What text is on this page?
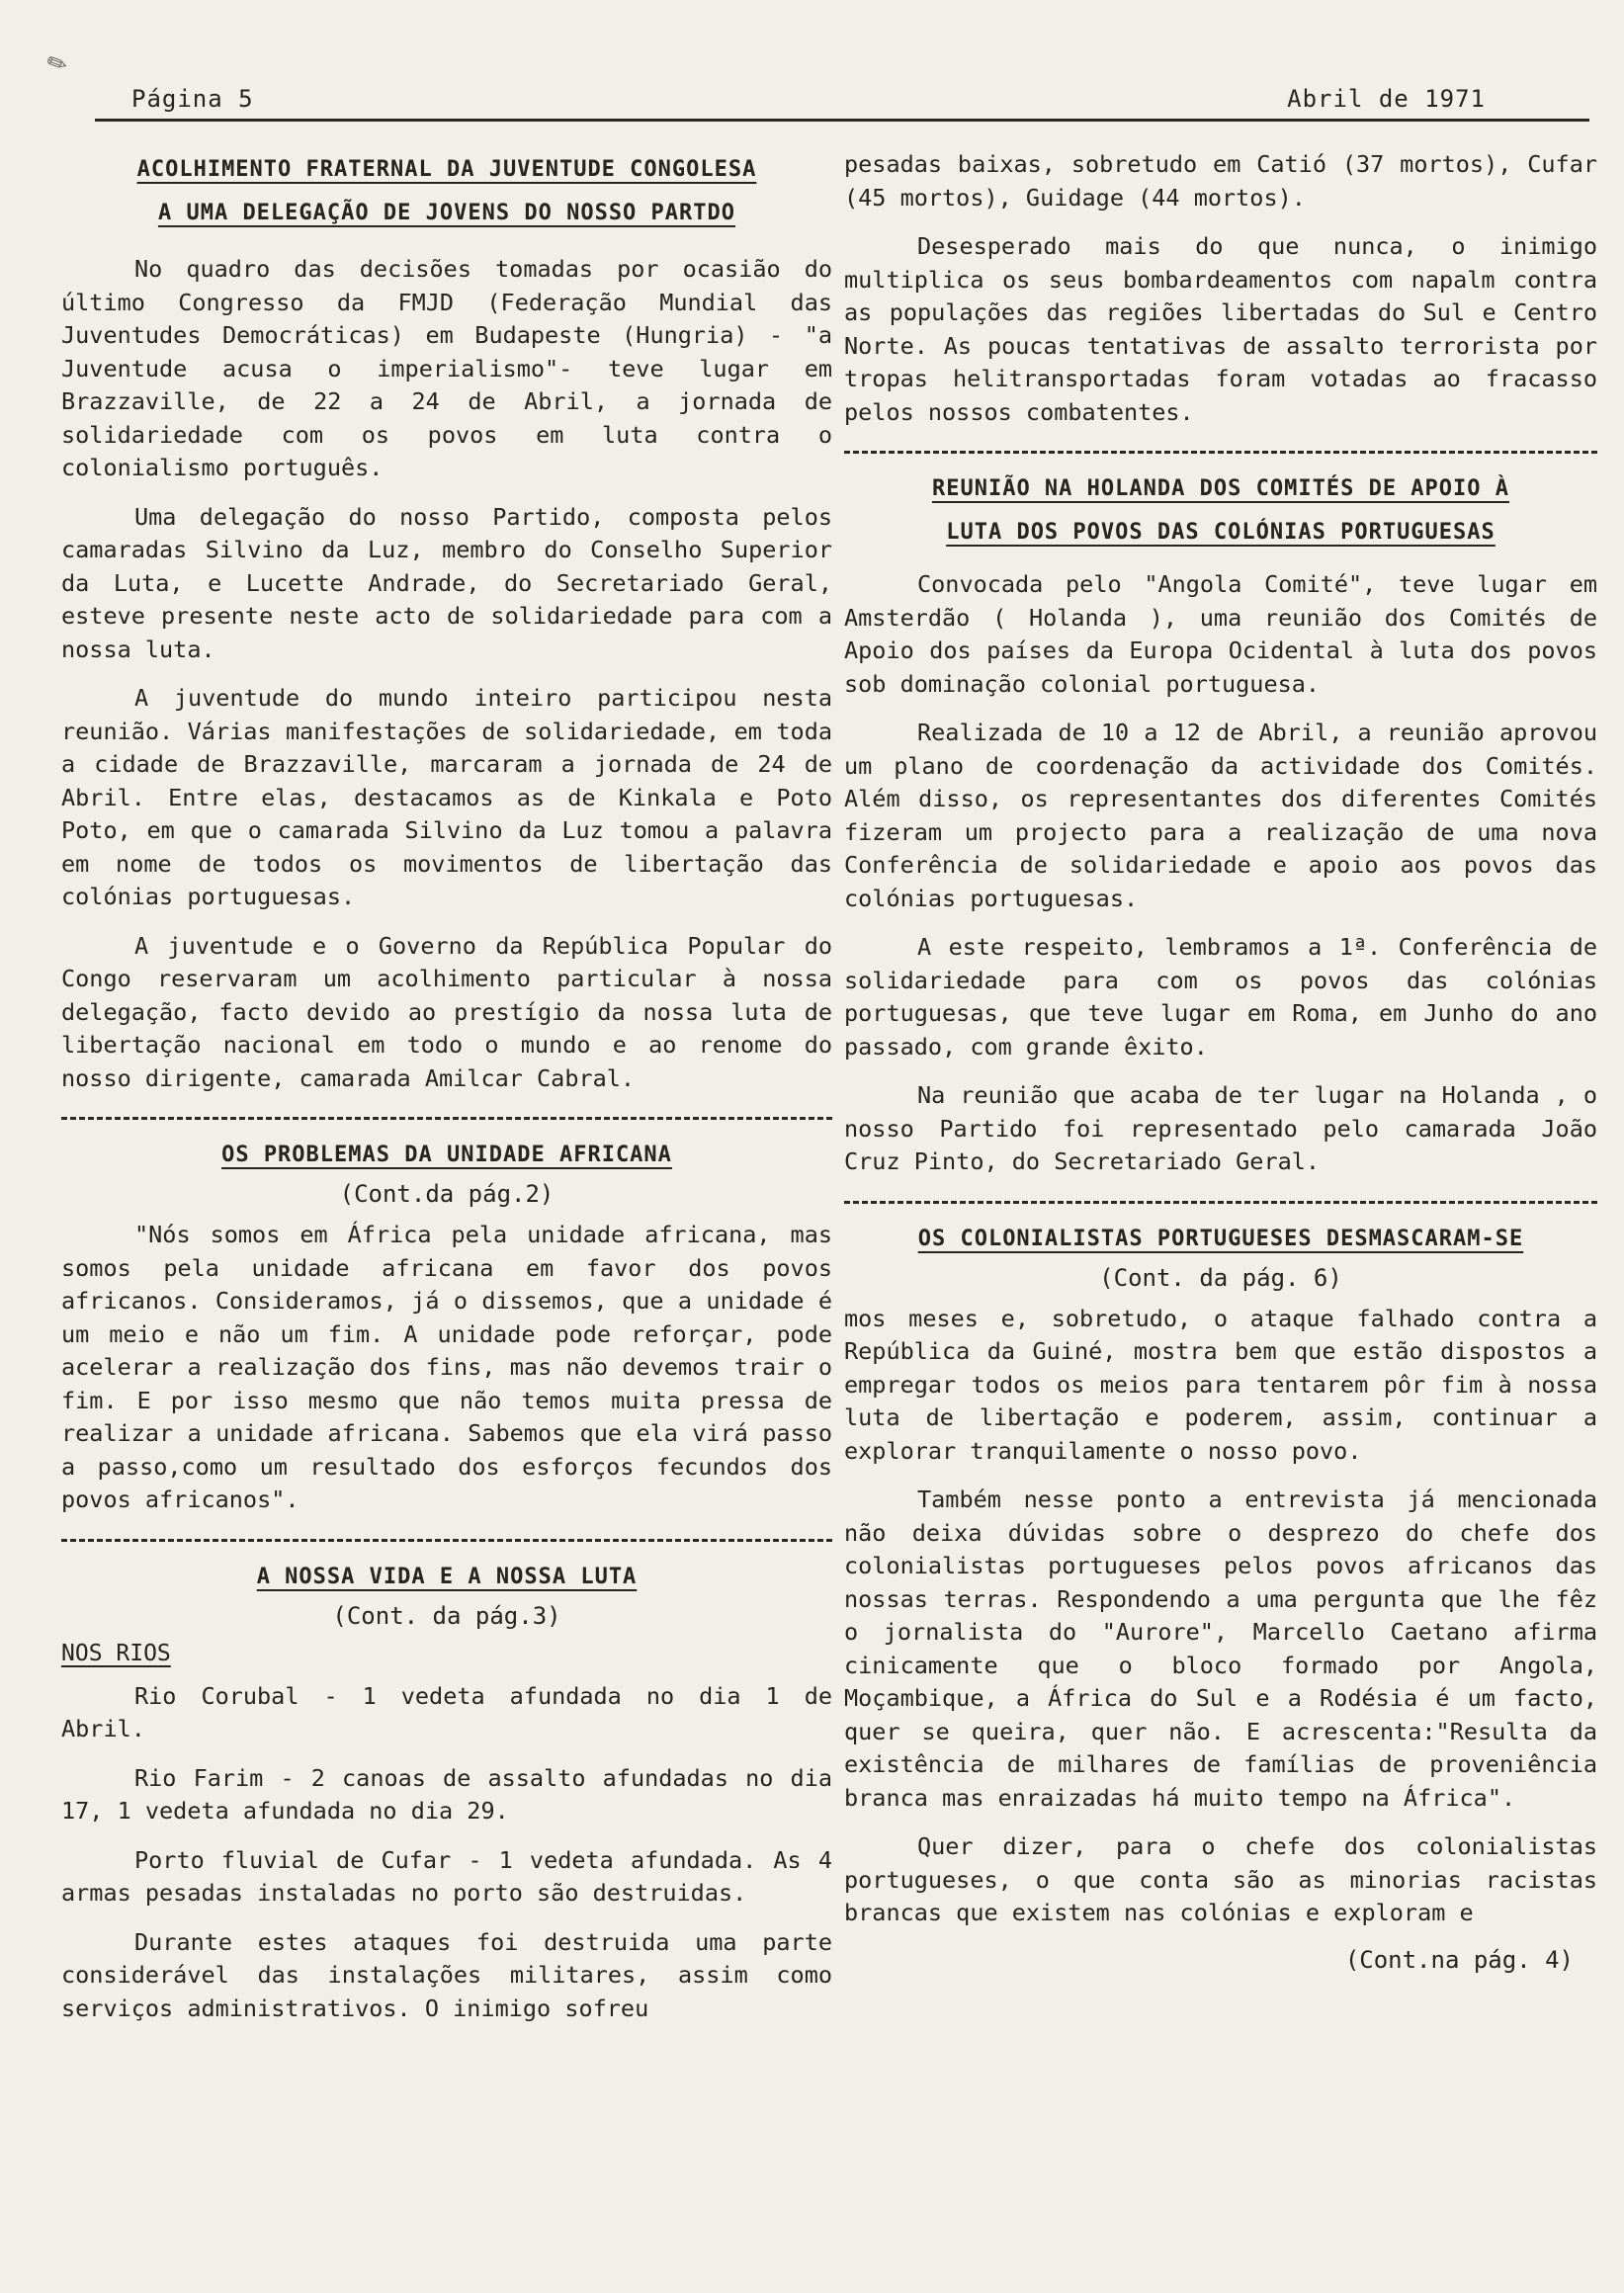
✎
Página 5	Abril de 1971
ACOLHIMENTO FRATERNAL DA JUVENTUDE CONGOLESA
A UMA DELEGAÇÃO DE JOVENS DO NOSSO PARTDO

No quadro das decisões tomadas por ocasião do último Congresso da FMJD (Federação Mundial das Juventudes Democráticas) em Budapeste (Hungria) - "a Juventude acusa o imperialismo"- teve lugar em Brazzaville, de 22 a 24 de Abril, a jornada de solidariedade com os povos em luta contra o colonialismo português.

Uma delegação do nosso Partido, composta pelos camaradas Silvino da Luz, membro do Conselho Superior da Luta, e Lucette Andrade, do Secretariado Geral, esteve presente neste acto de solidariedade para com a nossa luta.

A juventude do mundo inteiro participou nesta reunião. Várias manifestações de solidariedade, em toda a cidade de Brazzaville, marcaram a jornada de 24 de Abril. Entre elas, destacamos as de Kinkala e Poto Poto, em que o camarada Silvino da Luz tomou a palavra em nome de todos os movimentos de libertação das colónias portuguesas.

A juventude e o Governo da República Popular do Congo reservaram um acolhimento particular à nossa delegação, facto devido ao prestígio da nossa luta de libertação nacional em todo o mundo e ao renome do nosso dirigente, camarada Amilcar Cabral.

OS PROBLEMAS DA UNIDADE AFRICANA

(Cont.da pág.2)

"Nós somos em África pela unidade africana, mas somos pela unidade africana em favor dos povos africanos. Consideramos, já o dissemos, que a unidade é um meio e não um fim. A unidade pode reforçar, pode acelerar a realização dos fins, mas não devemos trair o fim. E por isso mesmo que não temos muita pressa de realizar a unidade africana. Sabemos que ela virá passo a passo,como um resultado dos esforços fecundos dos povos africanos".

A NOSSA VIDA E A NOSSA LUTA

(Cont. da pág.3)

NOS RIOS

Rio Corubal - 1 vedeta afundada no dia 1 de Abril.

Rio Farim - 2 canoas de assalto afundadas no dia 17, 1 vedeta afundada no dia 29.

Porto fluvial de Cufar - 1 vedeta afundada. As 4 armas pesadas instaladas no porto são destruidas.

Durante estes ataques foi destruida uma parte considerável das instalações militares, assim como serviços administrativos. O inimigo sofreu

pesadas baixas, sobretudo em Catió (37 mortos), Cufar (45 mortos), Guidage (44 mortos).

Desesperado mais do que nunca, o inimigo multiplica os seus bombardeamentos com napalm contra as populações das regiões libertadas do Sul e Centro Norte. As poucas tentativas de assalto terrorista por tropas helitransportadas foram votadas ao fracasso pelos nossos combatentes.

REUNIÃO NA HOLANDA DOS COMITÉS DE APOIO À
LUTA DOS POVOS DAS COLÓNIAS PORTUGUESAS

Convocada pelo "Angola Comité", teve lugar em Amsterdão ( Holanda ), uma reunião dos Comités de Apoio dos países da Europa Ocidental à luta dos povos sob dominação colonial portuguesa.

Realizada de 10 a 12 de Abril, a reunião aprovou um plano de coordenação da actividade dos Comités. Além disso, os representantes dos diferentes Comités fizeram um projecto para a realização de uma nova Conferência de solidariedade e apoio aos povos das colónias portuguesas.

A este respeito, lembramos a 1ª. Conferência de solidariedade para com os povos das colónias portuguesas, que teve lugar em Roma, em Junho do ano passado, com grande êxito.

Na reunião que acaba de ter lugar na Holanda , o nosso Partido foi representado pelo camarada João Cruz Pinto, do Secretariado Geral.

OS COLONIALISTAS PORTUGUESES DESMASCARAM-SE

(Cont. da pág. 6)

mos meses e, sobretudo, o ataque falhado contra a República da Guiné, mostra bem que estão dispostos a empregar todos os meios para tentarem pôr fim à nossa luta de libertação e poderem, assim, continuar a explorar tranquilamente o nosso povo.

Também nesse ponto a entrevista já mencionada não deixa dúvidas sobre o desprezo do chefe dos colonialistas portugueses pelos povos africanos das nossas terras. Respondendo a uma pergunta que lhe fêz o jornalista do "Aurore", Marcello Caetano afirma cinicamente que o bloco formado por Angola, Moçambique, a África do Sul e a Rodésia é um facto, quer se queira, quer não. E acrescenta:"Resulta da existência de milhares de famílias de proveniência branca mas enraizadas há muito tempo na África".

Quer dizer, para o chefe dos colonialistas portugueses, o que conta são as minorias racistas brancas que existem nas colónias e exploram e

(Cont.na pág. 4)
